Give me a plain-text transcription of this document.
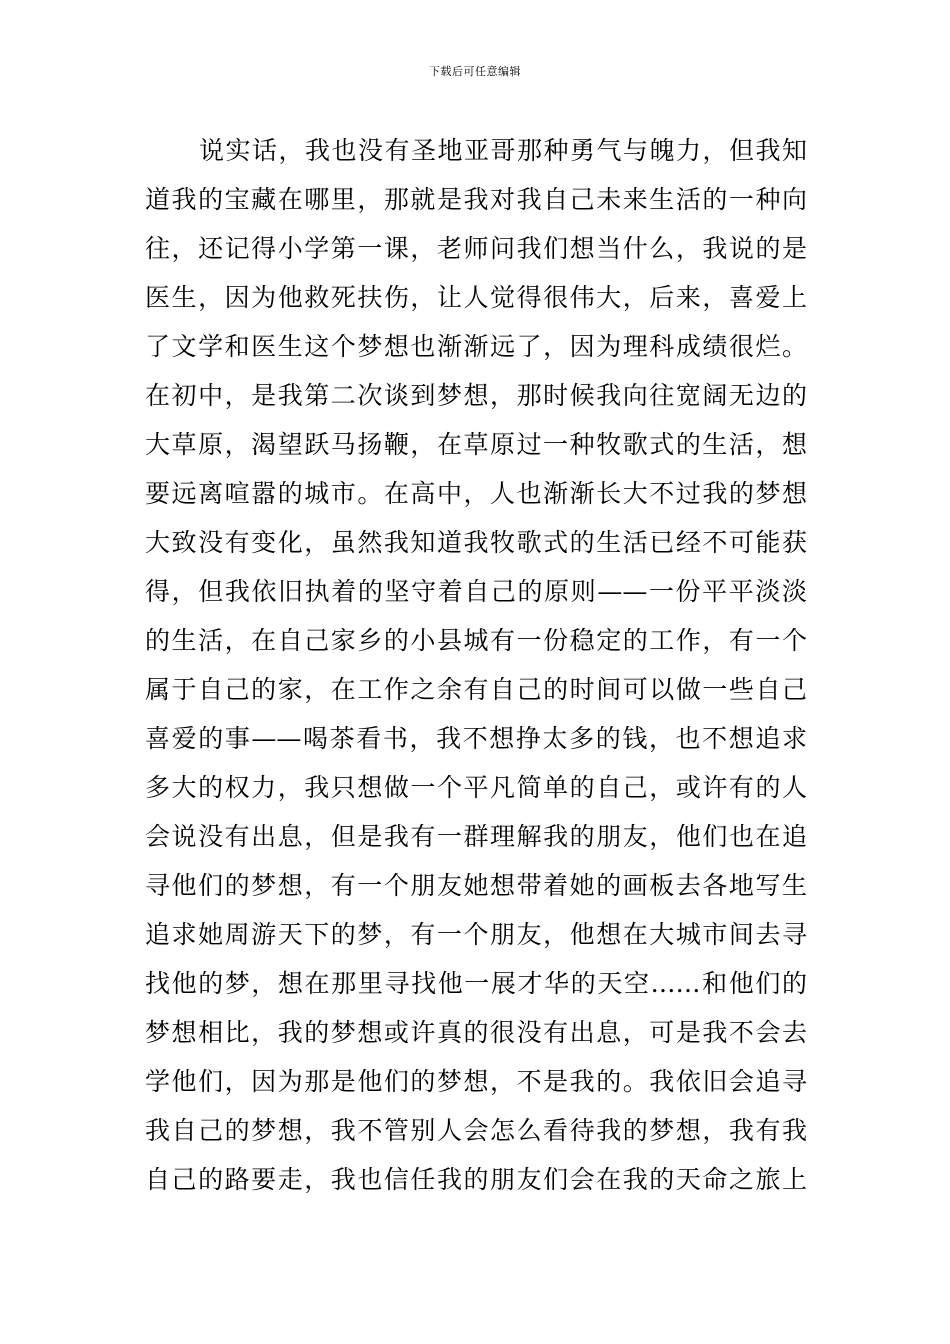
下载后可任意编辑
说实话，我也没有圣地亚哥那种勇气与魄力，但我知
道我的宝藏在哪里，那就是我对我自己未来生活的一种向
往，还记得小学第一课，老师问我们想当什么，我说的是
医生，因为他救死扶伤，让人觉得很伟大，后来，喜爱上
了文学和医生这个梦想也渐渐远了，因为理科成绩很烂。
在初中，是我第二次谈到梦想，那时候我向往宽阔无边的
大草原，渴望跃马扬鞭，在草原过一种牧歌式的生活，想
要远离喧嚣的城市。在高中，人也渐渐长大不过我的梦想
大致没有变化，虽然我知道我牧歌式的生活已经不可能获
得，但我依旧执着的坚守着自己的原则——一份平平淡淡
的生活，在自己家乡的小县城有一份稳定的工作，有一个
属于自己的家，在工作之余有自己的时间可以做一些自己
喜爱的事——喝茶看书，我不想挣太多的钱，也不想追求
多大的权力，我只想做一个平凡简单的自己，或许有的人
会说没有出息，但是我有一群理解我的朋友，他们也在追
寻他们的梦想，有一个朋友她想带着她的画板去各地写生
追求她周游天下的梦，有一个朋友，他想在大城市间去寻
找他的梦，想在那里寻找他一展才华的天空……和他们的
梦想相比，我的梦想或许真的很没有出息，可是我不会去
学他们，因为那是他们的梦想，不是我的。我依旧会追寻
我自己的梦想，我不管别人会怎么看待我的梦想，我有我
自己的路要走，我也信任我的朋友们会在我的天命之旅上
